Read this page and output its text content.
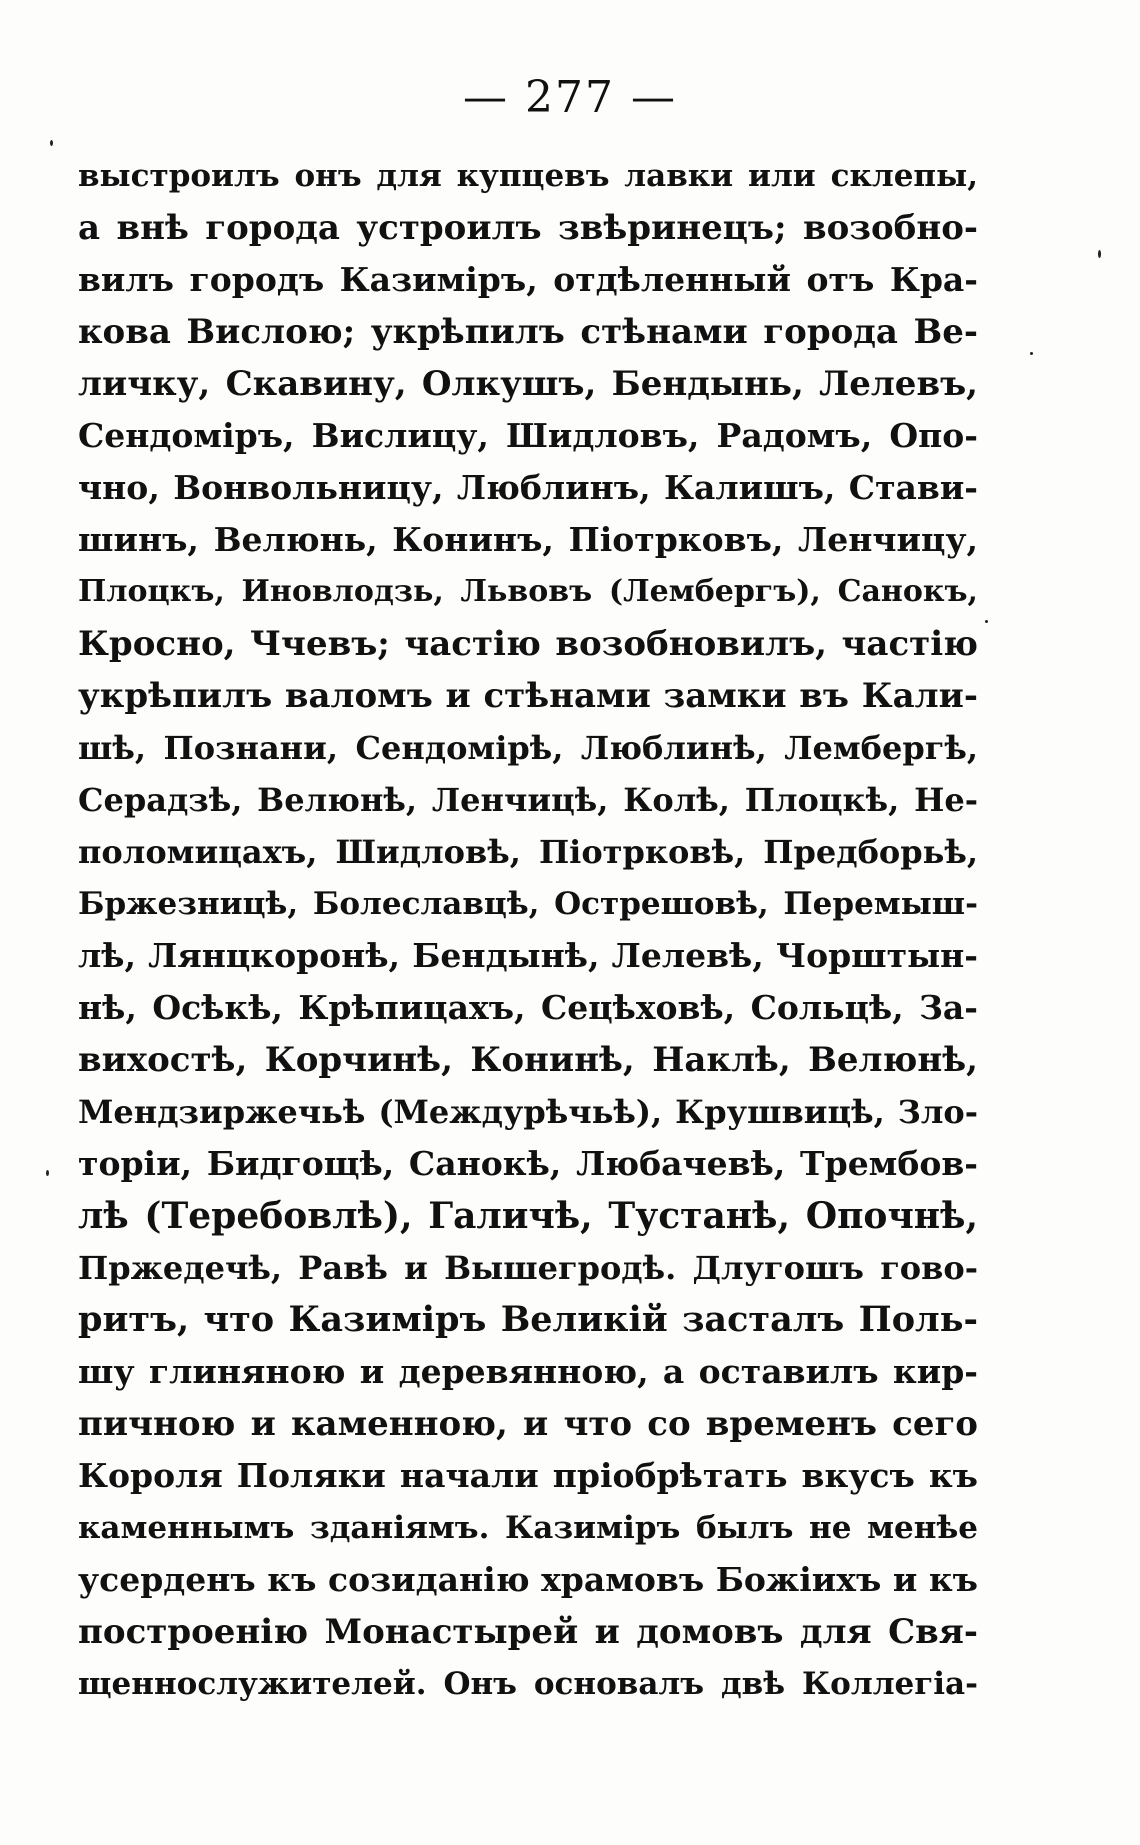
— 277 —
выстроилъ онъ для купцевъ лавки или склепы,
а внѣ города устроилъ звѣринецъ; возобно-
вилъ городъ Казиміръ, отдѣленный отъ Кра-
кова Вислою; укрѣпилъ стѣнами города Ве-
личку, Скавину, Олкушъ, Бендынь, Лелевъ,
Сендоміръ, Вислицу, Шидловъ, Радомъ, Опо-
чно, Вонвольницу, Люблинъ, Калишъ, Стави-
шинъ, Велюнь, Конинъ, Піотрковъ, Ленчицу,
Плоцкъ, Иновлодзь, Львовъ (Лембергъ), Санокъ,
Кросно, Ччевъ; частію возобновилъ, частію
укрѣпилъ валомъ и стѣнами замки въ Кали-
шѣ, Познани, Сендомірѣ, Люблинѣ, Лембергѣ,
Серадзѣ, Велюнѣ, Ленчицѣ, Колѣ, Плоцкѣ, Не-
поломицахъ, Шидловѣ, Піотрковѣ, Предборьѣ,
Бржезницѣ, Болеславцѣ, Острешовѣ, Перемыш-
лѣ, Лянцкоронѣ, Бендынѣ, Лелевѣ, Чорштын-
нѣ, Осѣкѣ, Крѣпицахъ, Сецѣховѣ, Сольцѣ, За-
вихостѣ, Корчинѣ, Конинѣ, Наклѣ, Велюнѣ,
Мендзиржечьѣ (Междурѣчьѣ), Крушвицѣ, Зло-
торіи, Бидгощѣ, Санокѣ, Любачевѣ, Трембов-
лѣ (Теребовлѣ), Галичѣ, Тустанѣ, Опочнѣ,
Пржедечѣ, Равѣ и Вышегродѣ. Длугошъ гово-
ритъ, что Казиміръ Великій засталъ Поль-
шу глиняною и деревянною, а оставилъ кир-
пичною и каменною, и что со временъ сего
Короля Поляки начали пріобрѣтать вкусъ къ
каменнымъ зданіямъ. Казиміръ былъ не менѣе
усерденъ къ созиданію храмовъ Божіихъ и къ
построенію Монастырей и домовъ для Свя-
щеннослужителей. Онъ основалъ двѣ Коллегіа-
